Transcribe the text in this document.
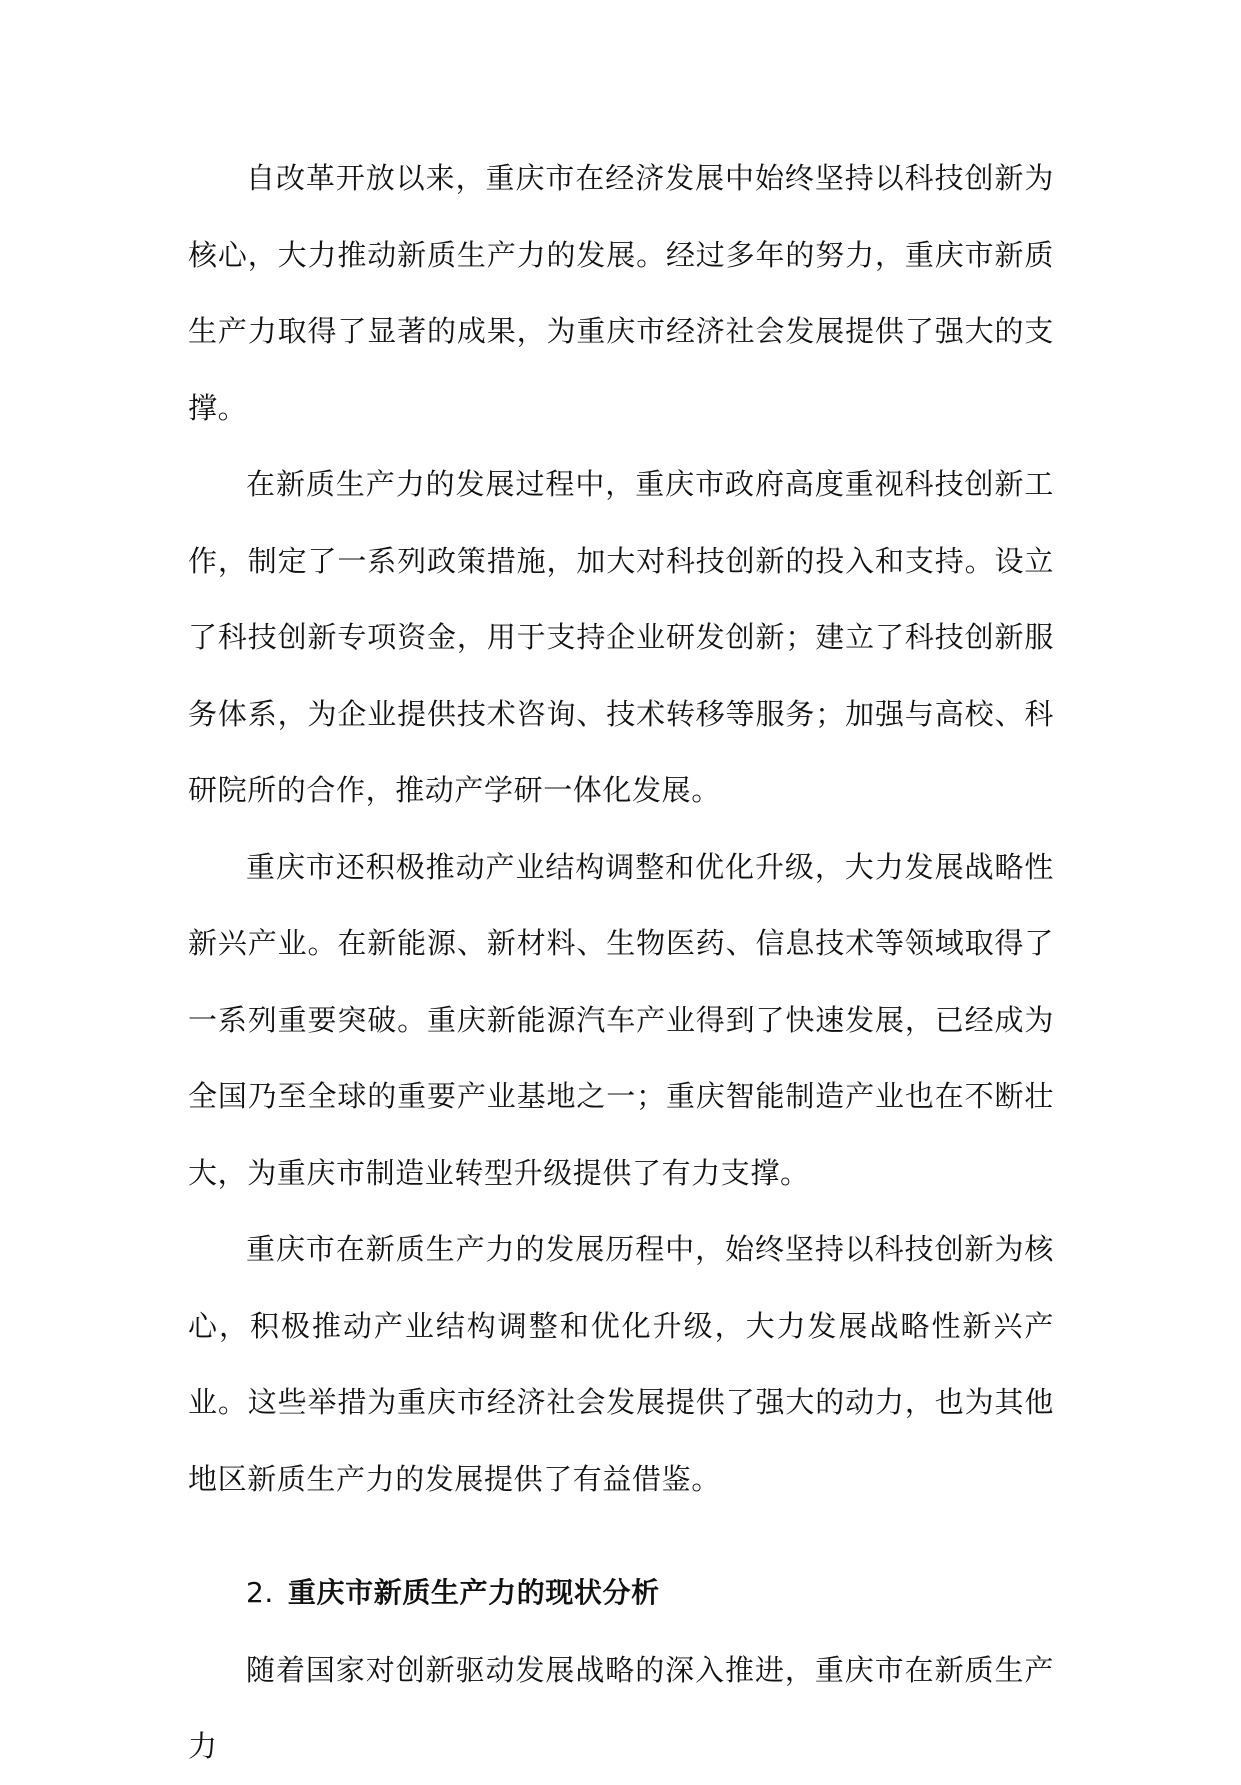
自改革开放以来，重庆市在经济发展中始终坚持以科技创新为核心，大力推动新质生产力的发展。经过多年的努力，重庆市新质生产力取得了显著的成果，为重庆市经济社会发展提供了强大的支撑。

在新质生产力的发展过程中，重庆市政府高度重视科技创新工作，制定了一系列政策措施，加大对科技创新的投入和支持。设立了科技创新专项资金，用于支持企业研发创新；建立了科技创新服务体系，为企业提供技术咨询、技术转移等服务；加强与高校、科研院所的合作，推动产学研一体化发展。

重庆市还积极推动产业结构调整和优化升级，大力发展战略性新兴产业。在新能源、新材料、生物医药、信息技术等领域取得了一系列重要突破。重庆新能源汽车产业得到了快速发展，已经成为全国乃至全球的重要产业基地之一；重庆智能制造产业也在不断壮大，为重庆市制造业转型升级提供了有力支撑。

重庆市在新质生产力的发展历程中，始终坚持以科技创新为核心，积极推动产业结构调整和优化升级，大力发展战略性新兴产业。这些举措为重庆市经济社会发展提供了强大的动力，也为其他地区新质生产力的发展提供了有益借鉴。

2. 重庆市新质生产力的现状分析

随着国家对创新驱动发展战略的深入推进，重庆市在新质生产力
